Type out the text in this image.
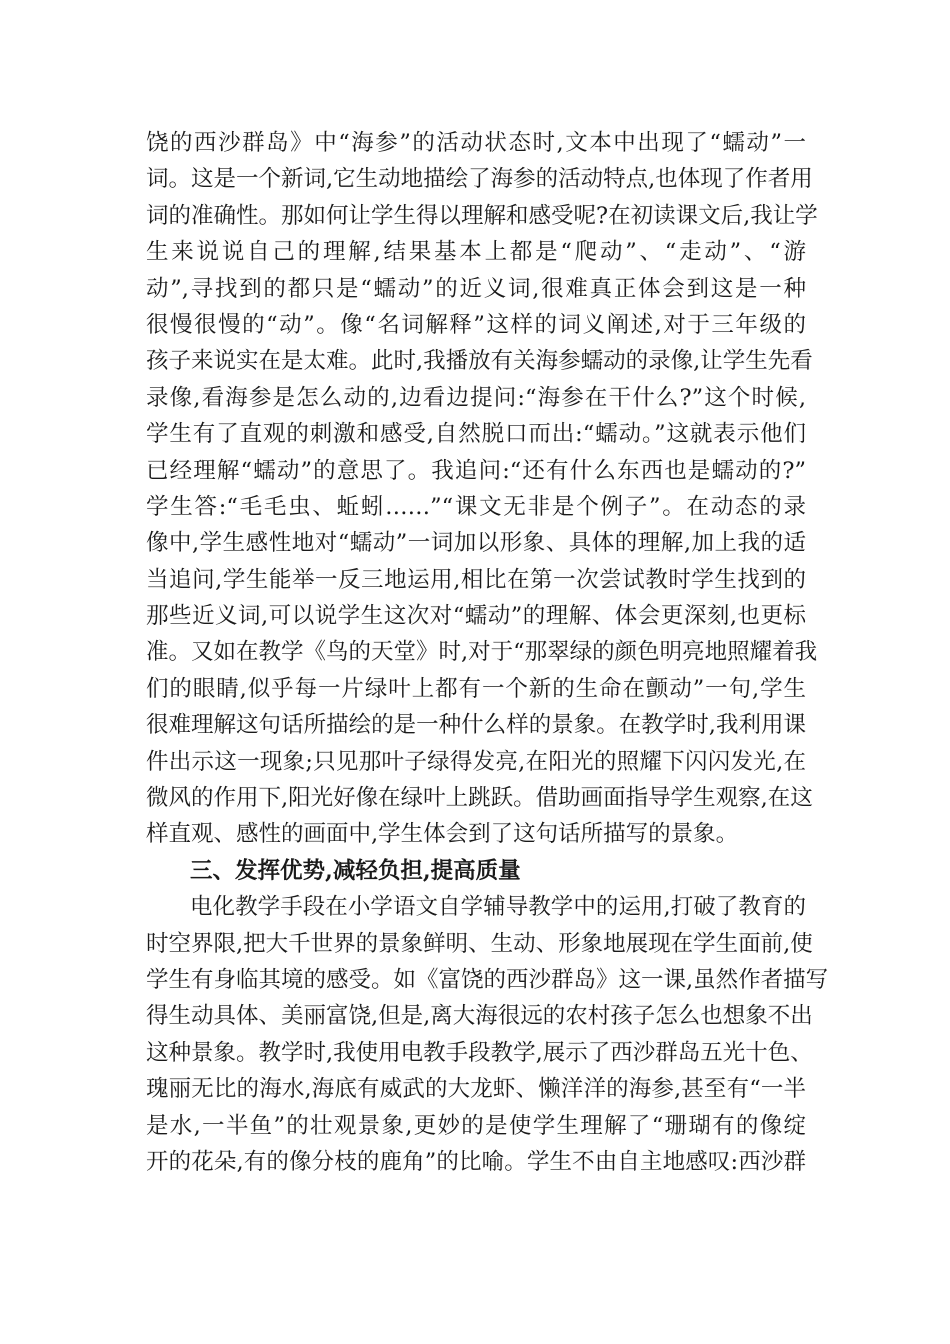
饶的西沙群岛》中“海参”的活动状态时,文本中出现了“蠕动”一
词。这是一个新词,它生动地描绘了海参的活动特点,也体现了作者用
词的准确性。那如何让学生得以理解和感受呢?在初读课文后,我让学
生来说说自己的理解,结果基本上都是“爬动”、“走动”、“游
动”,寻找到的都只是“蠕动”的近义词,很难真正体会到这是一种
很慢很慢的“动”。像“名词解释”这样的词义阐述,对于三年级的
孩子来说实在是太难。此时,我播放有关海参蠕动的录像,让学生先看
录像,看海参是怎么动的,边看边提问:“海参在干什么?”这个时候,
学生有了直观的刺激和感受,自然脱口而出:“蠕动。”这就表示他们
已经理解“蠕动”的意思了。我追问:“还有什么东西也是蠕动的?”
学生答:“毛毛虫、蚯蚓……”“课文无非是个例子”。在动态的录
像中,学生感性地对“蠕动”一词加以形象、具体的理解,加上我的适
当追问,学生能举一反三地运用,相比在第一次尝试教时学生找到的
那些近义词,可以说学生这次对“蠕动”的理解、体会更深刻,也更标
准。又如在教学《鸟的天堂》时,对于“那翠绿的颜色明亮地照耀着我
们的眼睛,似乎每一片绿叶上都有一个新的生命在颤动”一句,学生
很难理解这句话所描绘的是一种什么样的景象。在教学时,我利用课
件出示这一现象;只见那叶子绿得发亮,在阳光的照耀下闪闪发光,在
微风的作用下,阳光好像在绿叶上跳跃。借助画面指导学生观察,在这
样直观、感性的画面中,学生体会到了这句话所描写的景象。
三、发挥优势,减轻负担,提高质量
电化教学手段在小学语文自学辅导教学中的运用,打破了教育的
时空界限,把大千世界的景象鲜明、生动、形象地展现在学生面前,使
学生有身临其境的感受。如《富饶的西沙群岛》这一课,虽然作者描写
得生动具体、美丽富饶,但是,离大海很远的农村孩子怎么也想象不出
这种景象。教学时,我使用电教手段教学,展示了西沙群岛五光十色、
瑰丽无比的海水,海底有威武的大龙虾、懒洋洋的海参,甚至有“一半
是水,一半鱼”的壮观景象,更妙的是使学生理解了“珊瑚有的像绽
开的花朵,有的像分枝的鹿角”的比喻。学生不由自主地感叹:西沙群
